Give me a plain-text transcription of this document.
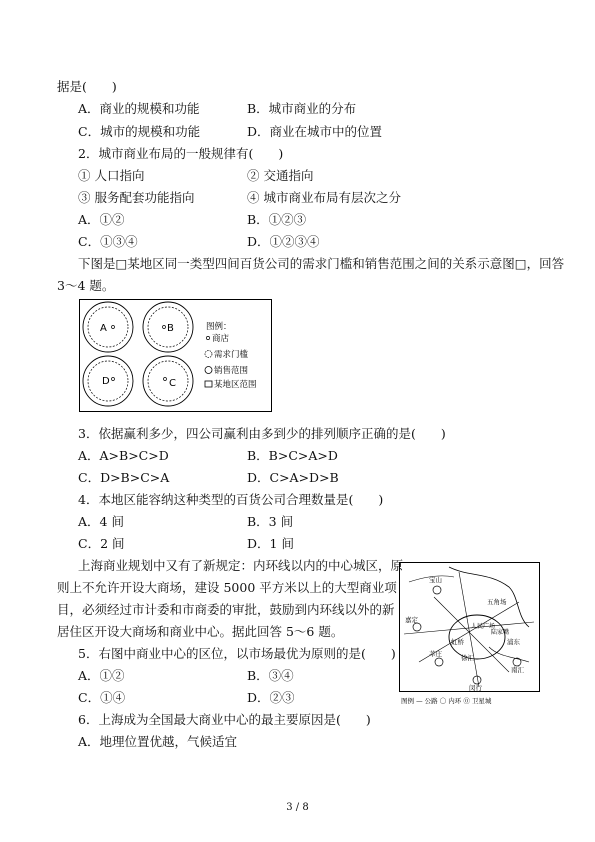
据是(　　)
A．商业的规模和功能	B．城市商业的分布
C．城市的规模和功能	D．商业在城市中的位置
2．城市商业布局的一般规律有(　　)
① 人口指向	② 交通指向
③ 服务配套功能指向	④ 城市商业布局有层次之分
A．①②	B．①②③
C．①③④	D．①②③④
下图是□某地区同一类型四间百货公司的需求门槛和销售范围之间的关系示意图□，回答
3～4 题。
A	B
C
D
图例：
商店
需求门槛
销售范围
某地区范围
3．依据赢利多少，四公司赢利由多到少的排列顺序正确的是(　　)
A．A>B>C>D	B．B>C>A>D
C．D>B>C>A	D．C>A>D>B
4．本地区能容纳这种类型的百货公司合理数量是(　　)
A．4 间	B．3 间
C．2 间	D．1 间
上海商业规划中又有了新规定：内环线以内的中心城区，原
则上不允许开设大商场，建设 5000 平方米以上的大型商业项
目，必须经过市计委和市商委的审批，鼓励到内环线以外的新
居住区开设大商场和商业中心。据此回答 5～6 题。
宝山
嘉定
虹桥
人民广场
五角场
陆家嘴
浦东
莘庄	徐汇
闵行
南汇
图例 — 公路 〇 内环 ⓪ 卫星城
5．右图中商业中心的区位，以市场最优为原则的是(　　)
A．①②	B．③④
C．①④	D．②③
6．上海成为全国最大商业中心的最主要原因是(　　)
A．地理位置优越，气候适宜
3 / 8
